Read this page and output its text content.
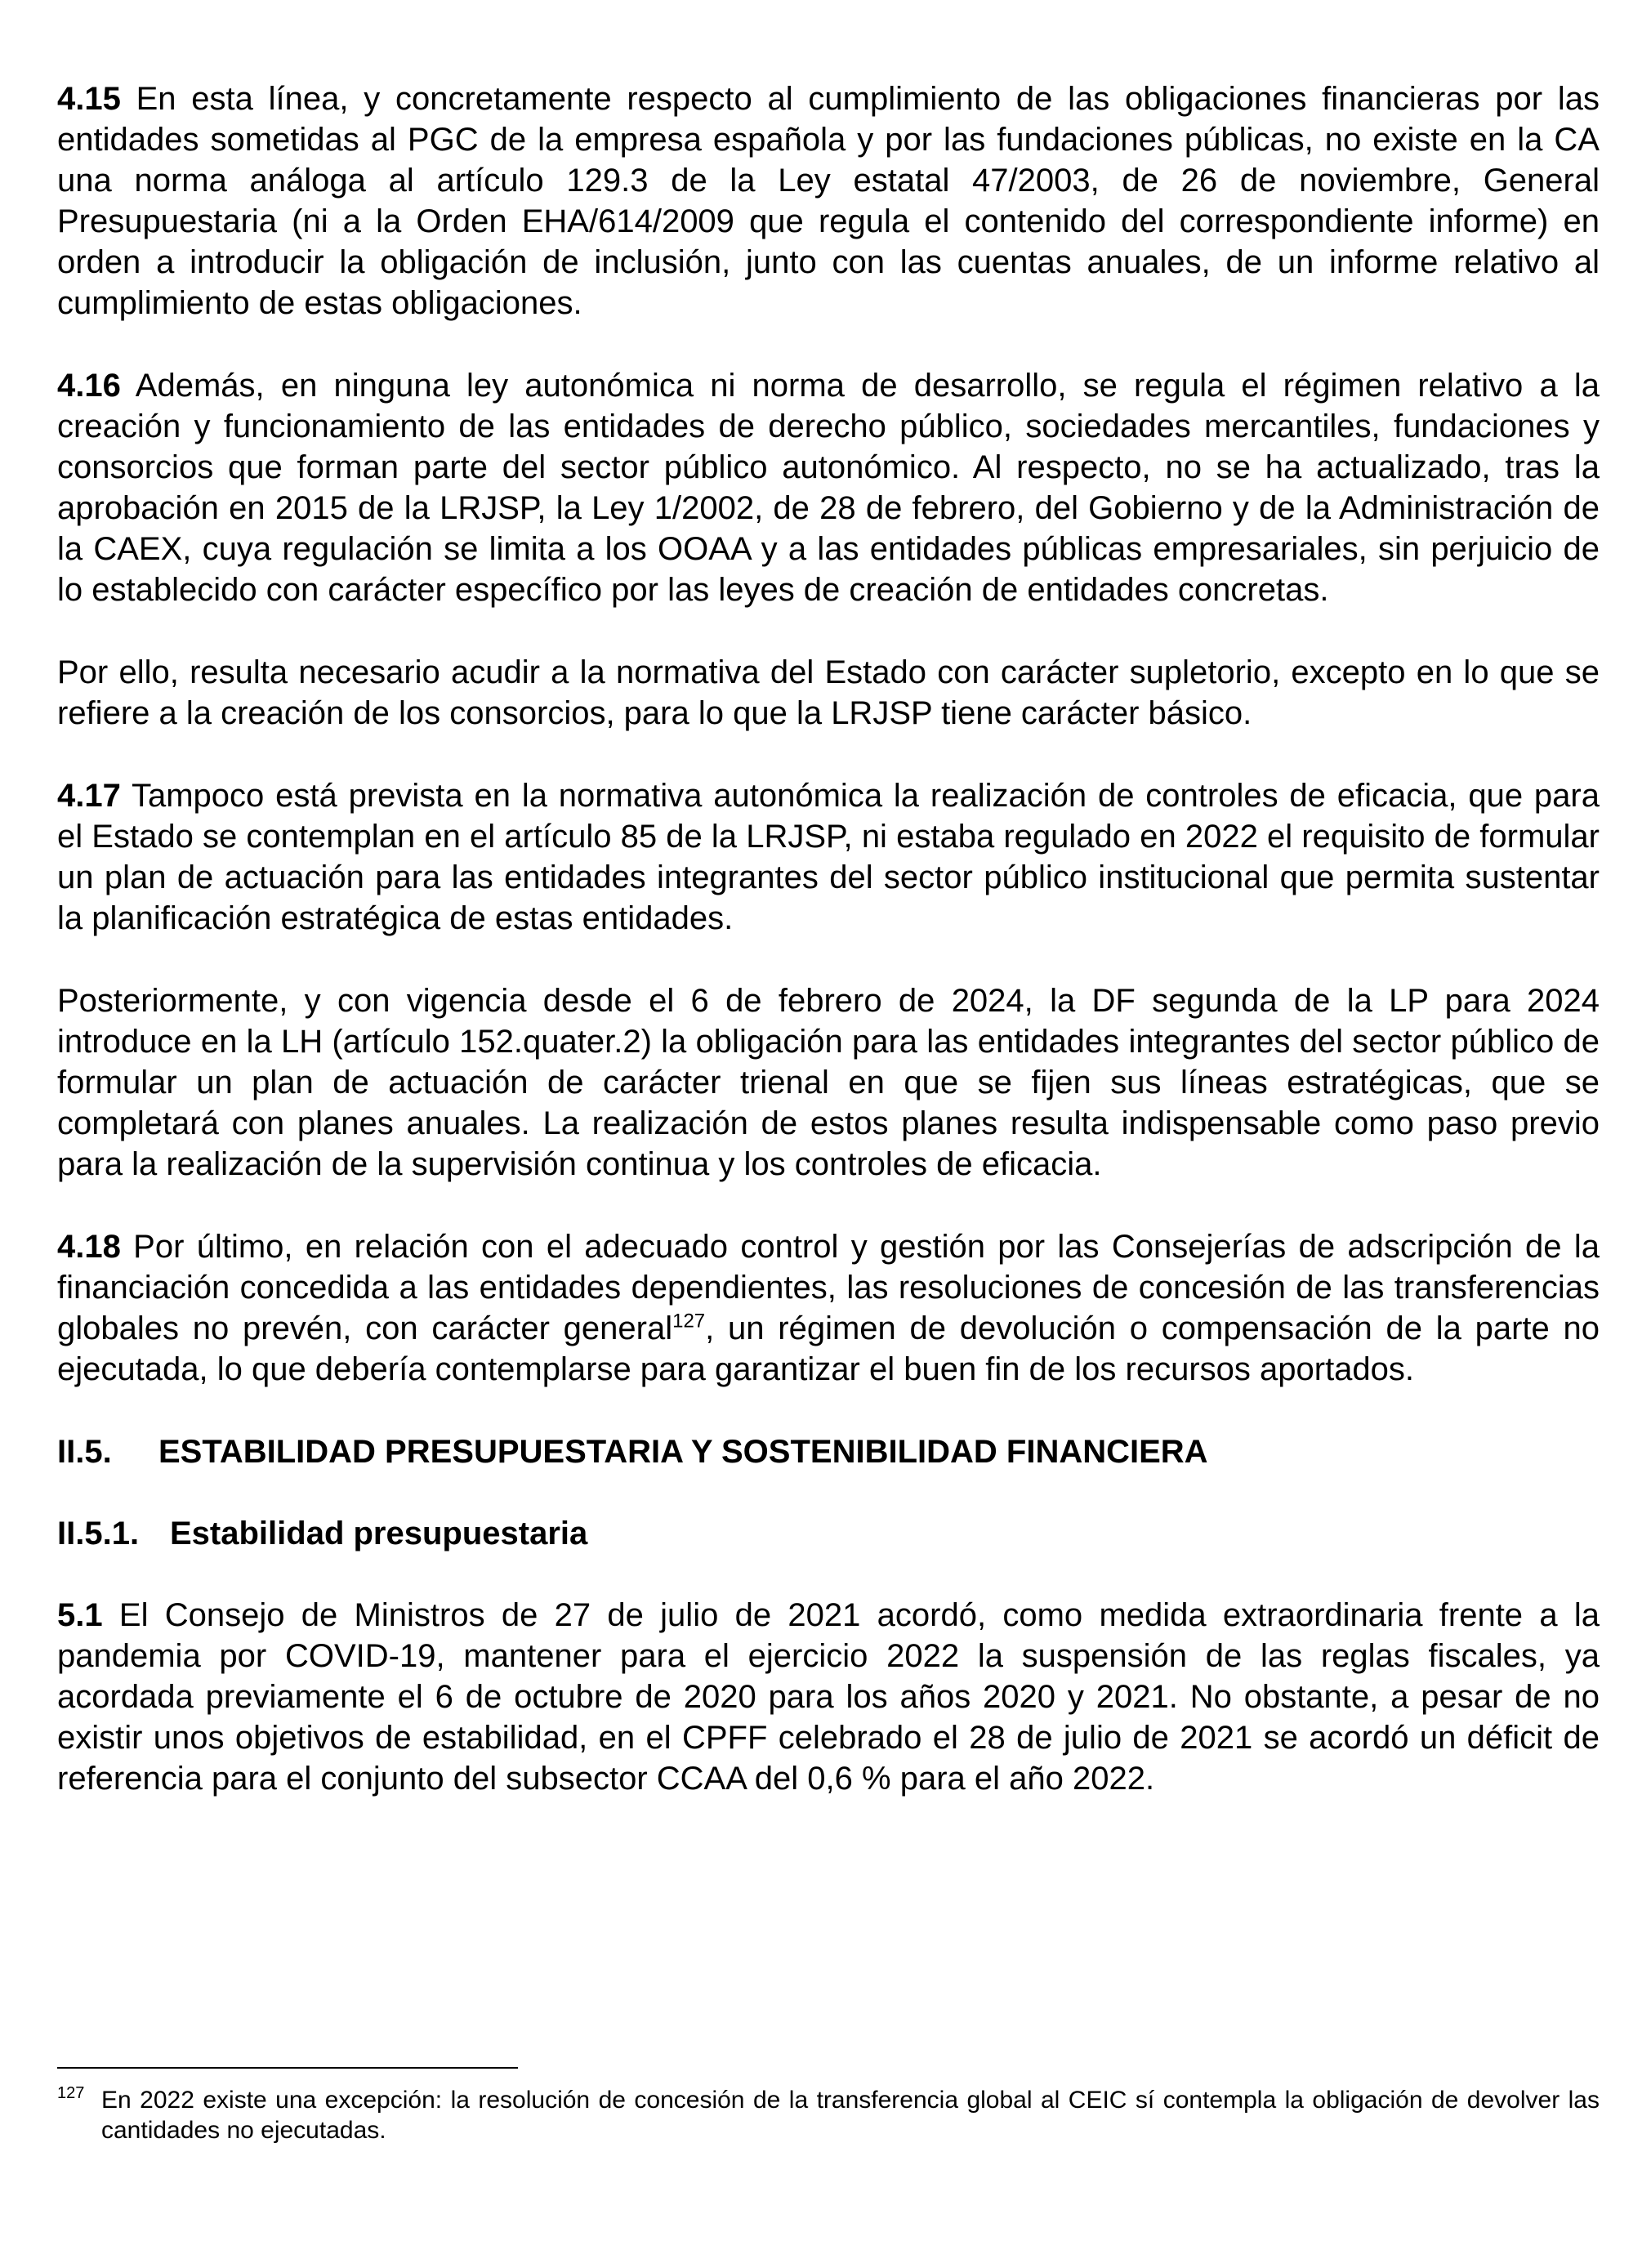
4.15 En esta línea, y concretamente respecto al cumplimiento de las obligaciones financieras por las entidades sometidas al PGC de la empresa española y por las fundaciones públicas, no existe en la CA una norma análoga al artículo 129.3 de la Ley estatal 47/2003, de 26 de noviembre, General Presupuestaria (ni a la Orden EHA/614/2009 que regula el contenido del correspondiente informe) en orden a introducir la obligación de inclusión, junto con las cuentas anuales, de un informe relativo al cumplimiento de estas obligaciones.

4.16 Además, en ninguna ley autonómica ni norma de desarrollo, se regula el régimen relativo a la creación y funcionamiento de las entidades de derecho público, sociedades mercantiles, fundaciones y consorcios que forman parte del sector público autonómico. Al respecto, no se ha actualizado, tras la aprobación en 2015 de la LRJSP, la Ley 1/2002, de 28 de febrero, del Gobierno y de la Administración de la CAEX, cuya regulación se limita a los OOAA y a las entidades públicas empresariales, sin perjuicio de lo establecido con carácter específico por las leyes de creación de entidades concretas.

Por ello, resulta necesario acudir a la normativa del Estado con carácter supletorio, excepto en lo que se refiere a la creación de los consorcios, para lo que la LRJSP tiene carácter básico.

4.17 Tampoco está prevista en la normativa autonómica la realización de controles de eficacia, que para el Estado se contemplan en el artículo 85 de la LRJSP, ni estaba regulado en 2022 el requisito de formular un plan de actuación para las entidades integrantes del sector público institucional que permita sustentar la planificación estratégica de estas entidades.

Posteriormente, y con vigencia desde el 6 de febrero de 2024, la DF segunda de la LP para 2024 introduce en la LH (artículo 152.quater.2) la obligación para las entidades integrantes del sector público de formular un plan de actuación de carácter trienal en que se fijen sus líneas estratégicas, que se completará con planes anuales. La realización de estos planes resulta indispensable como paso previo para la realización de la supervisión continua y los controles de eficacia.

4.18 Por último, en relación con el adecuado control y gestión por las Consejerías de adscripción de la financiación concedida a las entidades dependientes, las resoluciones de concesión de las transferencias globales no prevén, con carácter general$^{127}$, un régimen de devolución o compensación de la parte no ejecutada, lo que debería contemplarse para garantizar el buen fin de los recursos aportados.

II.5. ESTABILIDAD PRESUPUESTARIA Y SOSTENIBILIDAD FINANCIERA
II.5.1. Estabilidad presupuestaria

5.1 El Consejo de Ministros de 27 de julio de 2021 acordó, como medida extraordinaria frente a la pandemia por COVID-19, mantener para el ejercicio 2022 la suspensión de las reglas fiscales, ya acordada previamente el 6 de octubre de 2020 para los años 2020 y 2021. No obstante, a pesar de no existir unos objetivos de estabilidad, en el CPFF celebrado el 28 de julio de 2021 se acordó un déficit de referencia para el conjunto del subsector CCAA del 0,6 % para el año 2022.

127 En 2022 existe una excepción: la resolución de concesión de la transferencia global al CEIC sí contempla la obligación de devolver las cantidades no ejecutadas.
